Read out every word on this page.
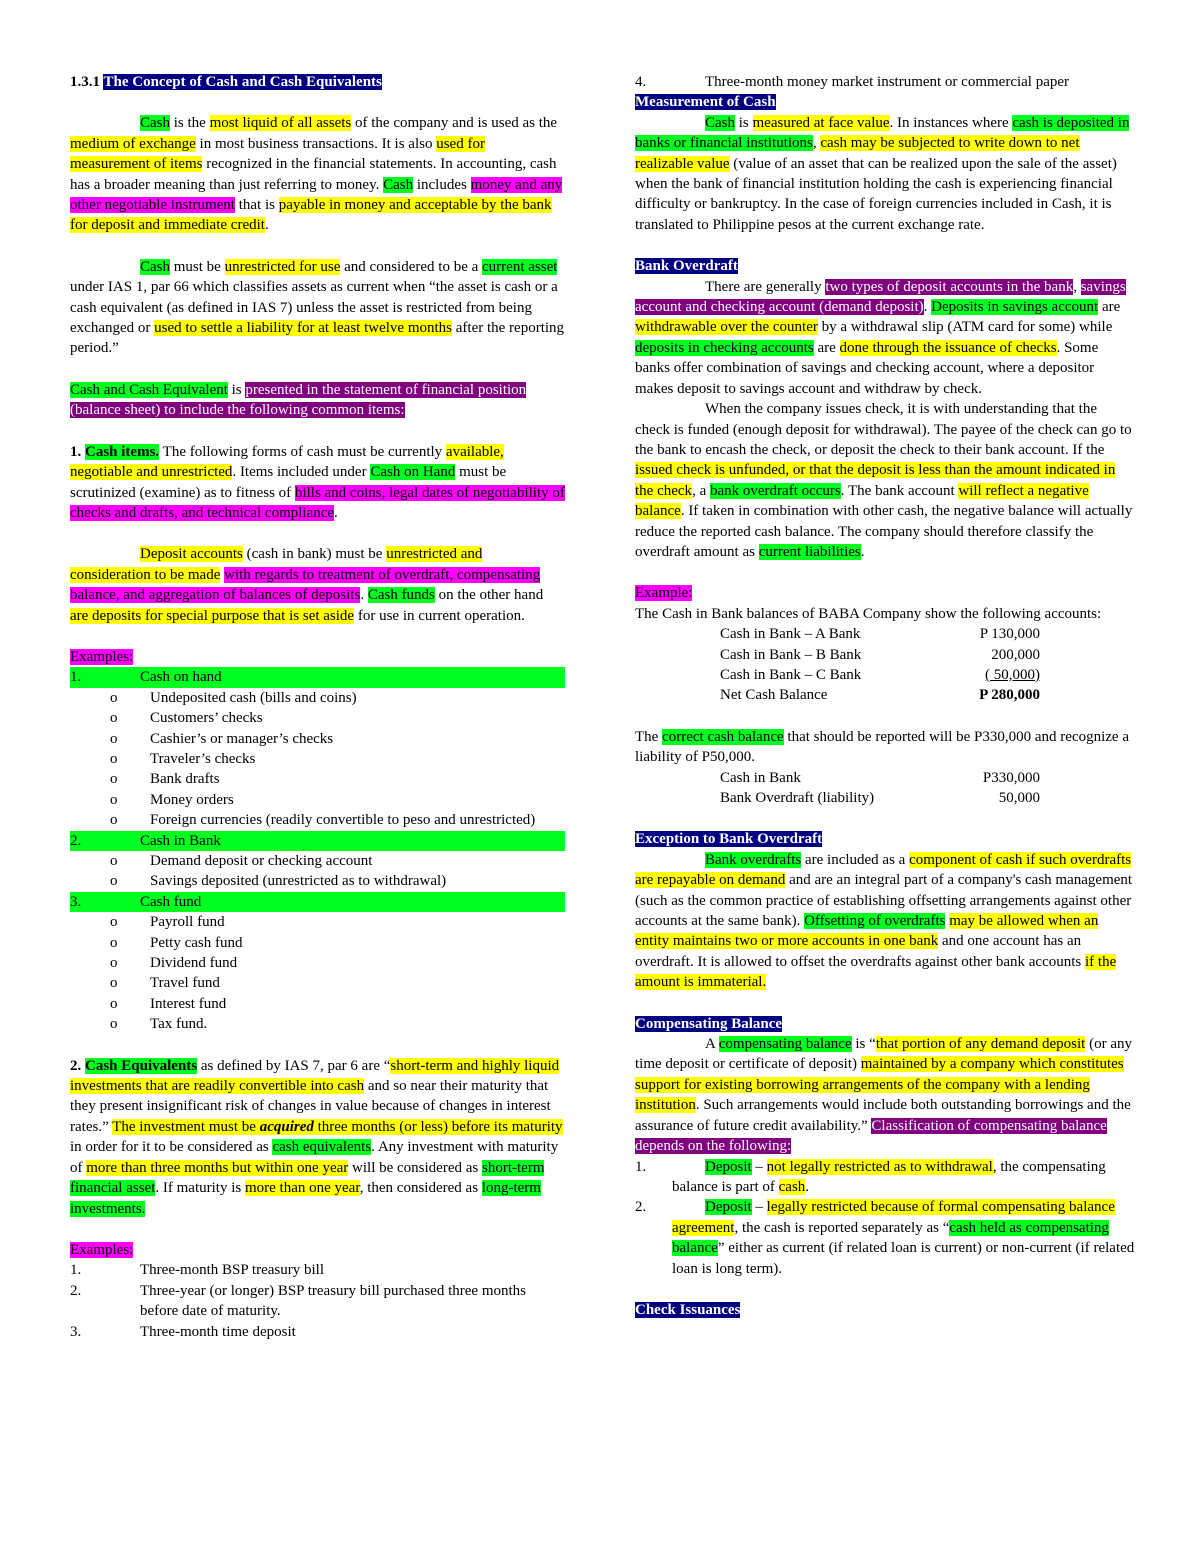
1.3.1 The Concept of Cash and Cash Equivalents

Cash is the most liquid of all assets of the company and is used as the medium of exchange in most business transactions. It is also used for measurement of items recognized in the financial statements. In accounting, cash has a broader meaning than just referring to money. Cash includes money and any other negotiable instrument that is payable in money and acceptable by the bank for deposit and immediate credit.

Cash must be unrestricted for use and considered to be a current asset under IAS 1, par 66 which classifies assets as current when “the asset is cash or a cash equivalent (as defined in IAS 7) unless the asset is restricted from being exchanged or used to settle a liability for at least twelve months after the reporting period.”

Cash and Cash Equivalent is presented in the statement of financial position (balance sheet) to include the following common items:

1. Cash items. The following forms of cash must be currently available, negotiable and unrestricted. Items included under Cash on Hand must be scrutinized (examine) as to fitness of bills and coins, legal dates of negotiability of checks and drafts, and technical compliance.

Deposit accounts (cash in bank) must be unrestricted and consideration to be made with regards to treatment of overdraft, compensating balance, and aggregation of balances of deposits. Cash funds on the other hand are deposits for special purpose that is set aside for use in current operation.

Examples:

1.	Cash on hand
o	Undeposited cash (bills and coins)
o	Customers’ checks
o	Cashier’s or manager’s checks
o	Traveler’s checks
o	Bank drafts
o	Money orders
o	Foreign currencies (readily convertible to peso and unrestricted)
2.	Cash in Bank
o	Demand deposit or checking account
o	Savings deposited (unrestricted as to withdrawal)
3.	Cash fund
o	Payroll fund
o	Petty cash fund
o	Dividend fund
o	Travel fund
o	Interest fund
o	Tax fund.

2. Cash Equivalents as defined by IAS 7, par 6 are “short-term and highly liquid investments that are readily convertible into cash and so near their maturity that they present insignificant risk of changes in value because of changes in interest rates.” The investment must be acquired three months (or less) before its maturity in order for it to be considered as cash equivalents. Any investment with maturity of more than three months but within one year will be considered as short-term financial asset. If maturity is more than one year, then considered as long-term investments.

Examples:

1.	Three-month BSP treasury bill
2.	Three-year (or longer) BSP treasury bill purchased three months before date of maturity.
3.	Three-month time deposit
4.	Three-month money market instrument or commercial paper

Measurement of Cash

Cash is measured at face value. In instances where cash is deposited in banks or financial institutions, cash may be subjected to write down to net realizable value (value of an asset that can be realized upon the sale of the asset) when the bank of financial institution holding the cash is experiencing financial difficulty or bankruptcy. In the case of foreign currencies included in Cash, it is translated to Philippine pesos at the current exchange rate.

Bank Overdraft

There are generally two types of deposit accounts in the bank, savings account and checking account (demand deposit). Deposits in savings account are withdrawable over the counter by a withdrawal slip (ATM card for some) while deposits in checking accounts are done through the issuance of checks. Some banks offer combination of savings and checking account, where a depositor makes deposit to savings account and withdraw by check.

When the company issues check, it is with understanding that the check is funded (enough deposit for withdrawal). The payee of the check can go to the bank to encash the check, or deposit the check to their bank account. If the issued check is unfunded, or that the deposit is less than the amount indicated in the check, a bank overdraft occurs. The bank account will reflect a negative balance. If taken in combination with other cash, the negative balance will actually reduce the reported cash balance. The company should therefore classify the overdraft amount as current liabilities.

Example:

The Cash in Bank balances of BABA Company show the following accounts:

Cash in Bank – A Bank	P 130,000
Cash in Bank – B Bank	200,000
Cash in Bank – C Bank	( 50,000)
Net Cash Balance	P 280,000

The correct cash balance that should be reported will be P330,000 and recognize a liability of P50,000.

Cash in Bank	P330,000
Bank Overdraft (liability)	50,000

Exception to Bank Overdraft

Bank overdrafts are included as a component of cash if such overdrafts are repayable on demand and are an integral part of a company's cash management (such as the common practice of establishing offsetting arrangements against other accounts at the same bank). Offsetting of overdrafts may be allowed when an entity maintains two or more accounts in one bank and one account has an overdraft. It is allowed to offset the overdrafts against other bank accounts if the amount is immaterial.

Compensating Balance

A compensating balance is “that portion of any demand deposit (or any time deposit or certificate of deposit) maintained by a company which constitutes support for existing borrowing arrangements of the company with a lending institution. Such arrangements would include both outstanding borrowings and the assurance of future credit availability.” Classification of compensating balance depends on the following:

1.	Deposit – not legally restricted as to withdrawal, the compensating balance is part of cash.
2.	Deposit – legally restricted because of formal compensating balance agreement, the cash is reported separately as “cash held as compensating balance” either as current (if related loan is current) or non-current (if related loan is long term).

Check Issuances
